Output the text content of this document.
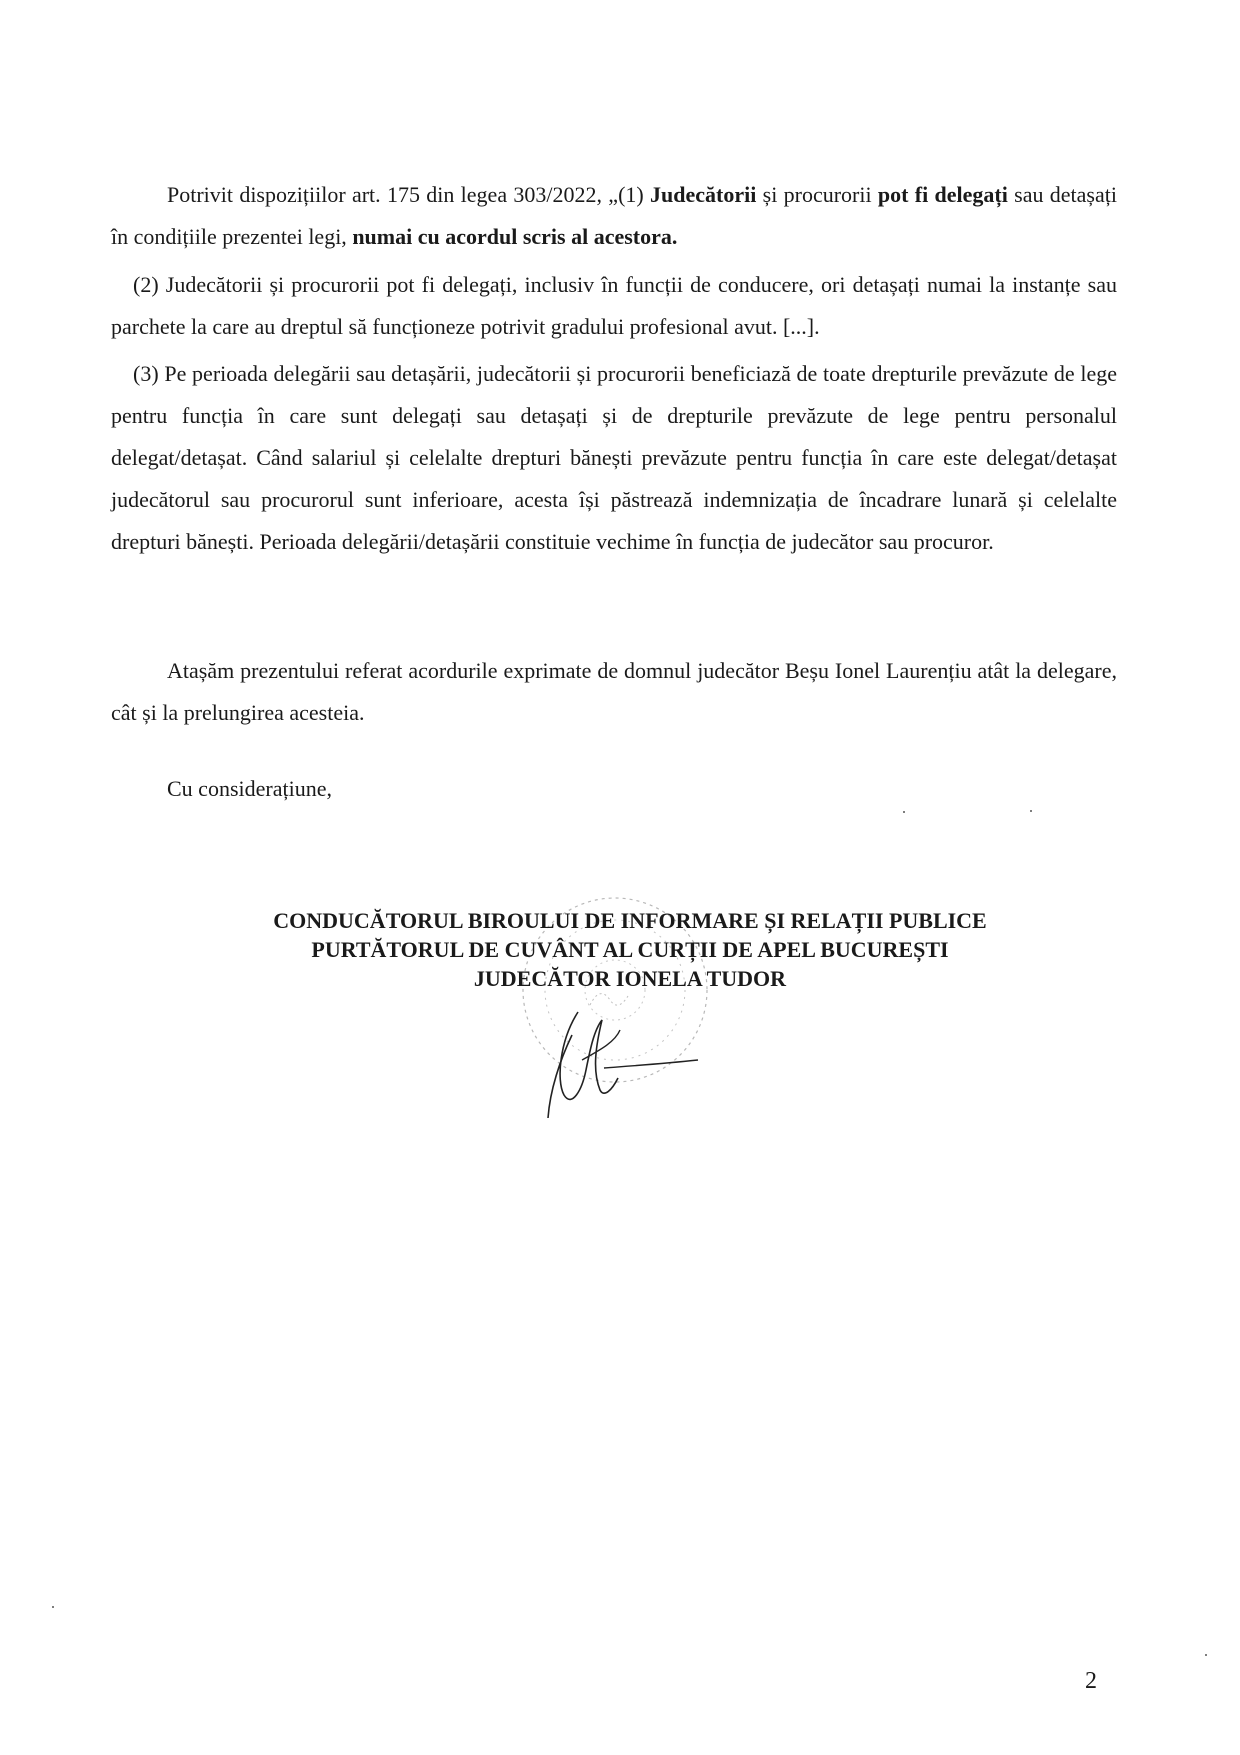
Potrivit dispozițiilor art. 175 din legea 303/2022, „(1) Judecătorii și procurorii pot fi delegați sau detașați în condițiile prezentei legi, numai cu acordul scris al acestora.

(2) Judecătorii și procurorii pot fi delegați, inclusiv în funcții de conducere, ori detașați numai la instanțe sau parchete la care au dreptul să funcționeze potrivit gradului profesional avut. [...].

(3) Pe perioada delegării sau detașării, judecătorii și procurorii beneficiază de toate drepturile prevăzute de lege pentru funcția în care sunt delegați sau detașați și de drepturile prevăzute de lege pentru personalul delegat/detașat. Când salariul și celelalte drepturi bănești prevăzute pentru funcția în care este delegat/detașat judecătorul sau procurorul sunt inferioare, acesta își păstrează indemnizația de încadrare lunară și celelalte drepturi bănești. Perioada delegării/detașării constituie vechime în funcția de judecător sau procuror.

Atașăm prezentului referat acordurile exprimate de domnul judecător Beșu Ionel Laurențiu atât la delegare, cât și la prelungirea acesteia.

Cu considerațiune,

CONDUCĂTORUL BIROULUI DE INFORMARE ȘI RELAȚII PUBLICE
PURTĂTORUL DE CUVÂNT AL CURȚII DE APEL BUCUREȘTI
JUDECĂTOR IONELA TUDOR
2
